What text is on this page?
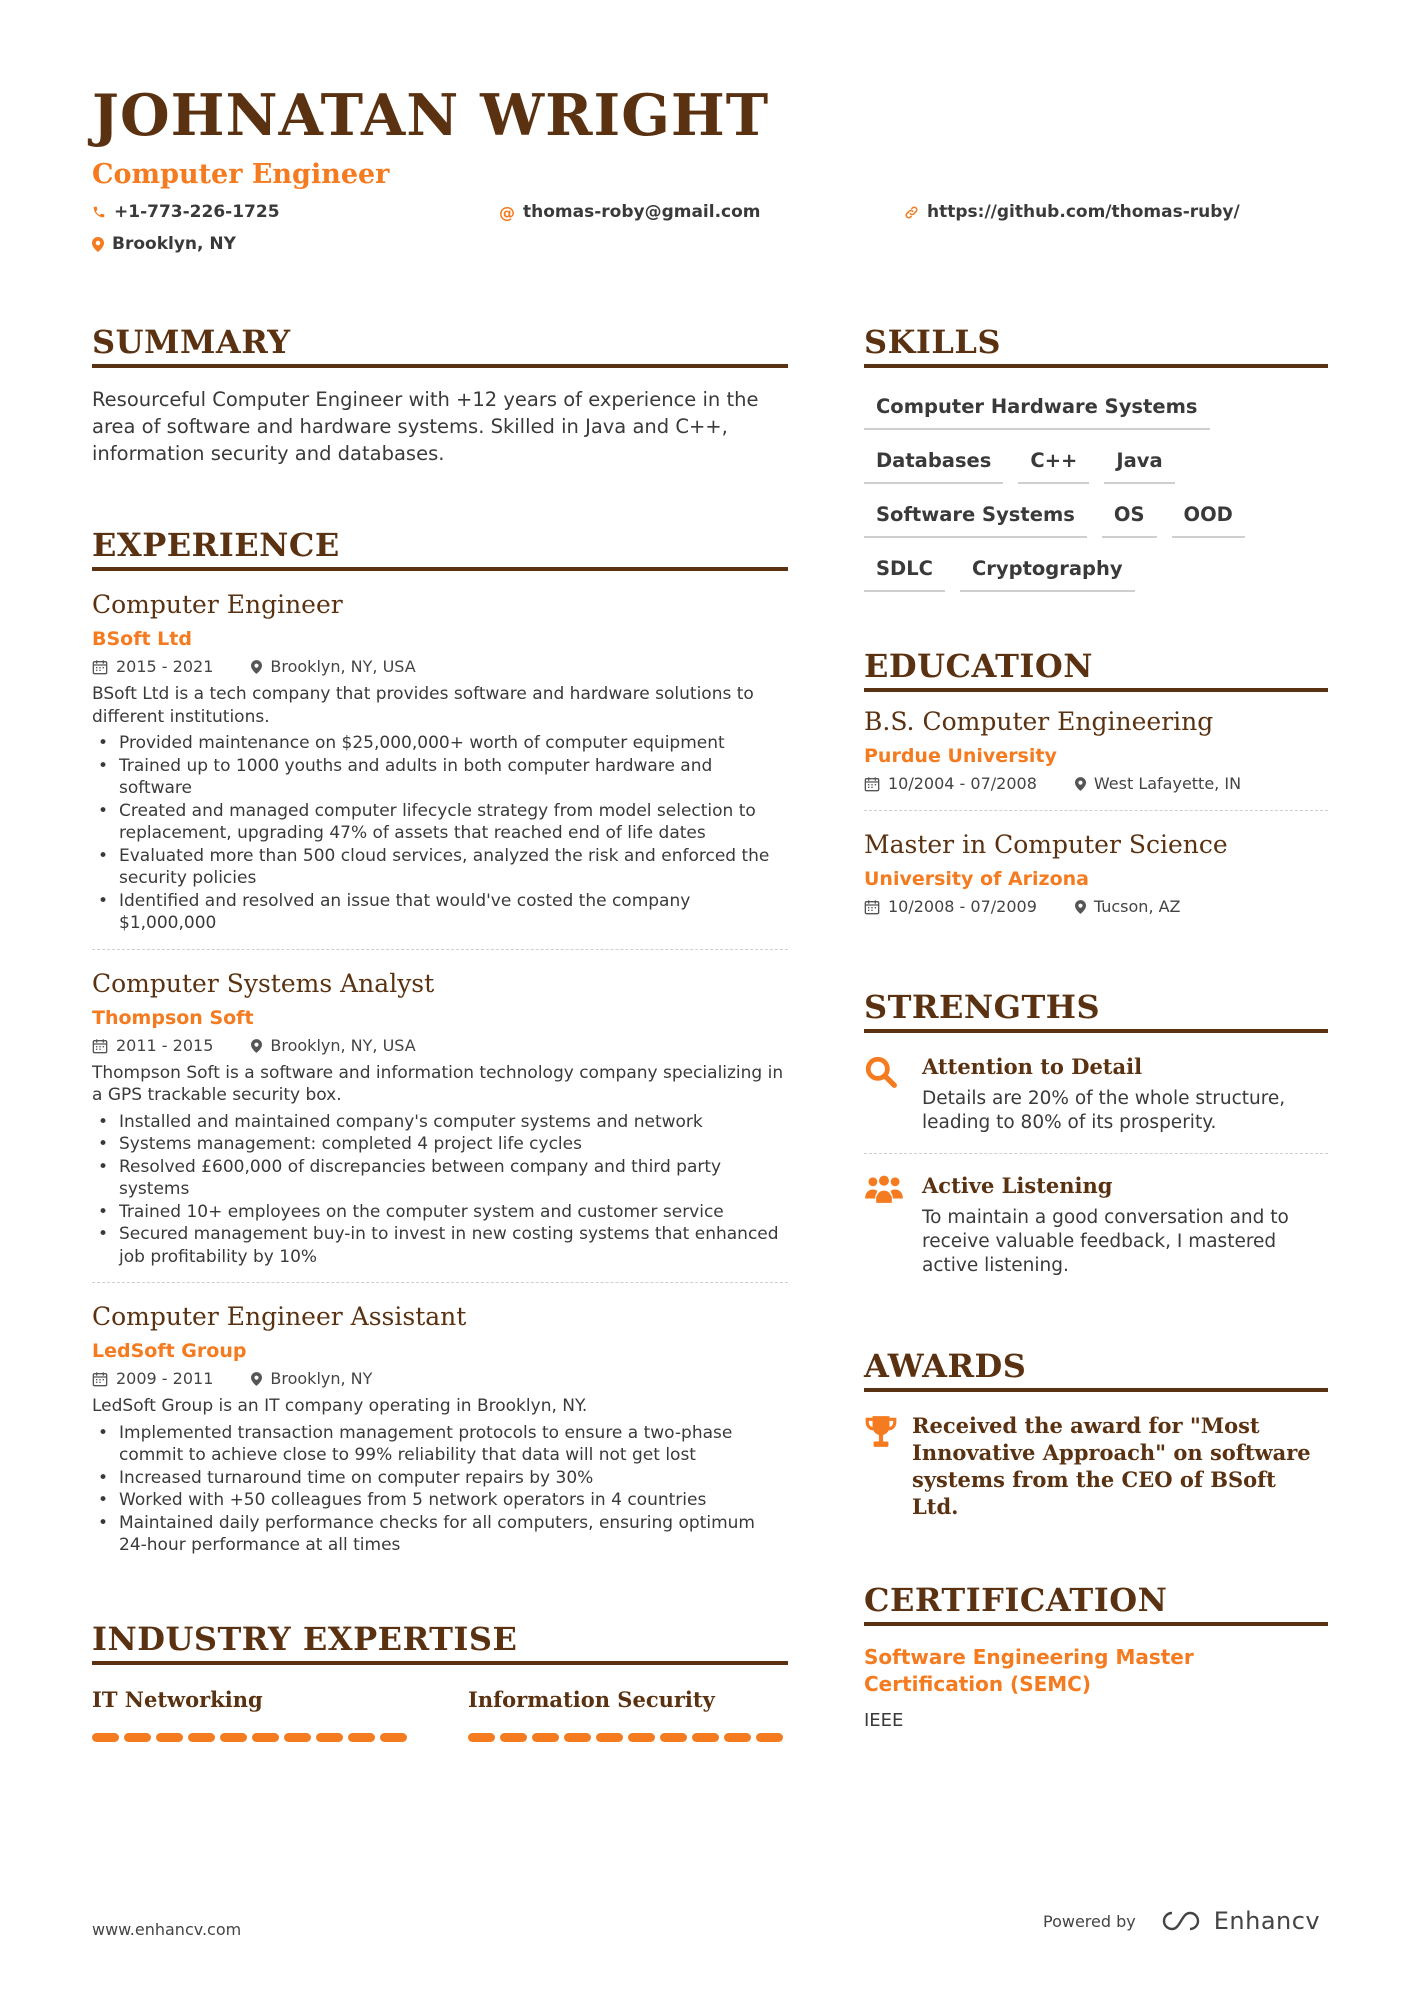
JOHNATAN WRIGHT
Computer Engineer
+1-773-226-1725	@ thomas-roby@gmail.com	https://github.com/thomas-ruby/
Brooklyn, NY
SUMMARY
Resourceful Computer Engineer with +12 years of experience in the area of software and hardware systems. Skilled in Java and C++, information security and databases.
EXPERIENCE
Computer Engineer
BSoft Ltd
2015 - 2021	Brooklyn, NY, USA
BSoft Ltd is a tech company that provides software and hardware solutions to different institutions.
• Provided maintenance on $25,000,000+ worth of computer equipment
• Trained up to 1000 youths and adults in both computer hardware and software
• Created and managed computer lifecycle strategy from model selection to replacement, upgrading 47% of assets that reached end of life dates
• Evaluated more than 500 cloud services, analyzed the risk and enforced the security policies
• Identified and resolved an issue that would've costed the company $1,000,000
Computer Systems Analyst
Thompson Soft
2011 - 2015	Brooklyn, NY, USA
Thompson Soft is a software and information technology company specializing in a GPS trackable security box.
• Installed and maintained company's computer systems and network
• Systems management: completed 4 project life cycles
• Resolved £600,000 of discrepancies between company and third party systems
• Trained 10+ employees on the computer system and customer service
• Secured management buy-in to invest in new costing systems that enhanced job profitability by 10%
Computer Engineer Assistant
LedSoft Group
2009 - 2011	Brooklyn, NY
LedSoft Group is an IT company operating in Brooklyn, NY.
• Implemented transaction management protocols to ensure a two-phase commit to achieve close to 99% reliability that data will not get lost
• Increased turnaround time on computer repairs by 30%
• Worked with +50 colleagues from 5 network operators in 4 countries
• Maintained daily performance checks for all computers, ensuring optimum 24-hour performance at all times
INDUSTRY EXPERTISE
IT Networking	Information Security
SKILLS
Computer Hardware Systems
Databases	C++	Java
Software Systems	OS	OOD
SDLC	Cryptography
EDUCATION
B.S. Computer Engineering
Purdue University
10/2004 - 07/2008	West Lafayette, IN
Master in Computer Science
University of Arizona
10/2008 - 07/2009	Tucson, AZ
STRENGTHS
Attention to Detail
Details are 20% of the whole structure, leading to 80% of its prosperity.
Active Listening
To maintain a good conversation and to receive valuable feedback, I mastered active listening.
AWARDS
Received the award for "Most Innovative Approach" on software systems from the CEO of BSoft Ltd.
CERTIFICATION
Software Engineering Master Certification (SEMC)
IEEE
www.enhancv.com	Powered by	Enhancv
